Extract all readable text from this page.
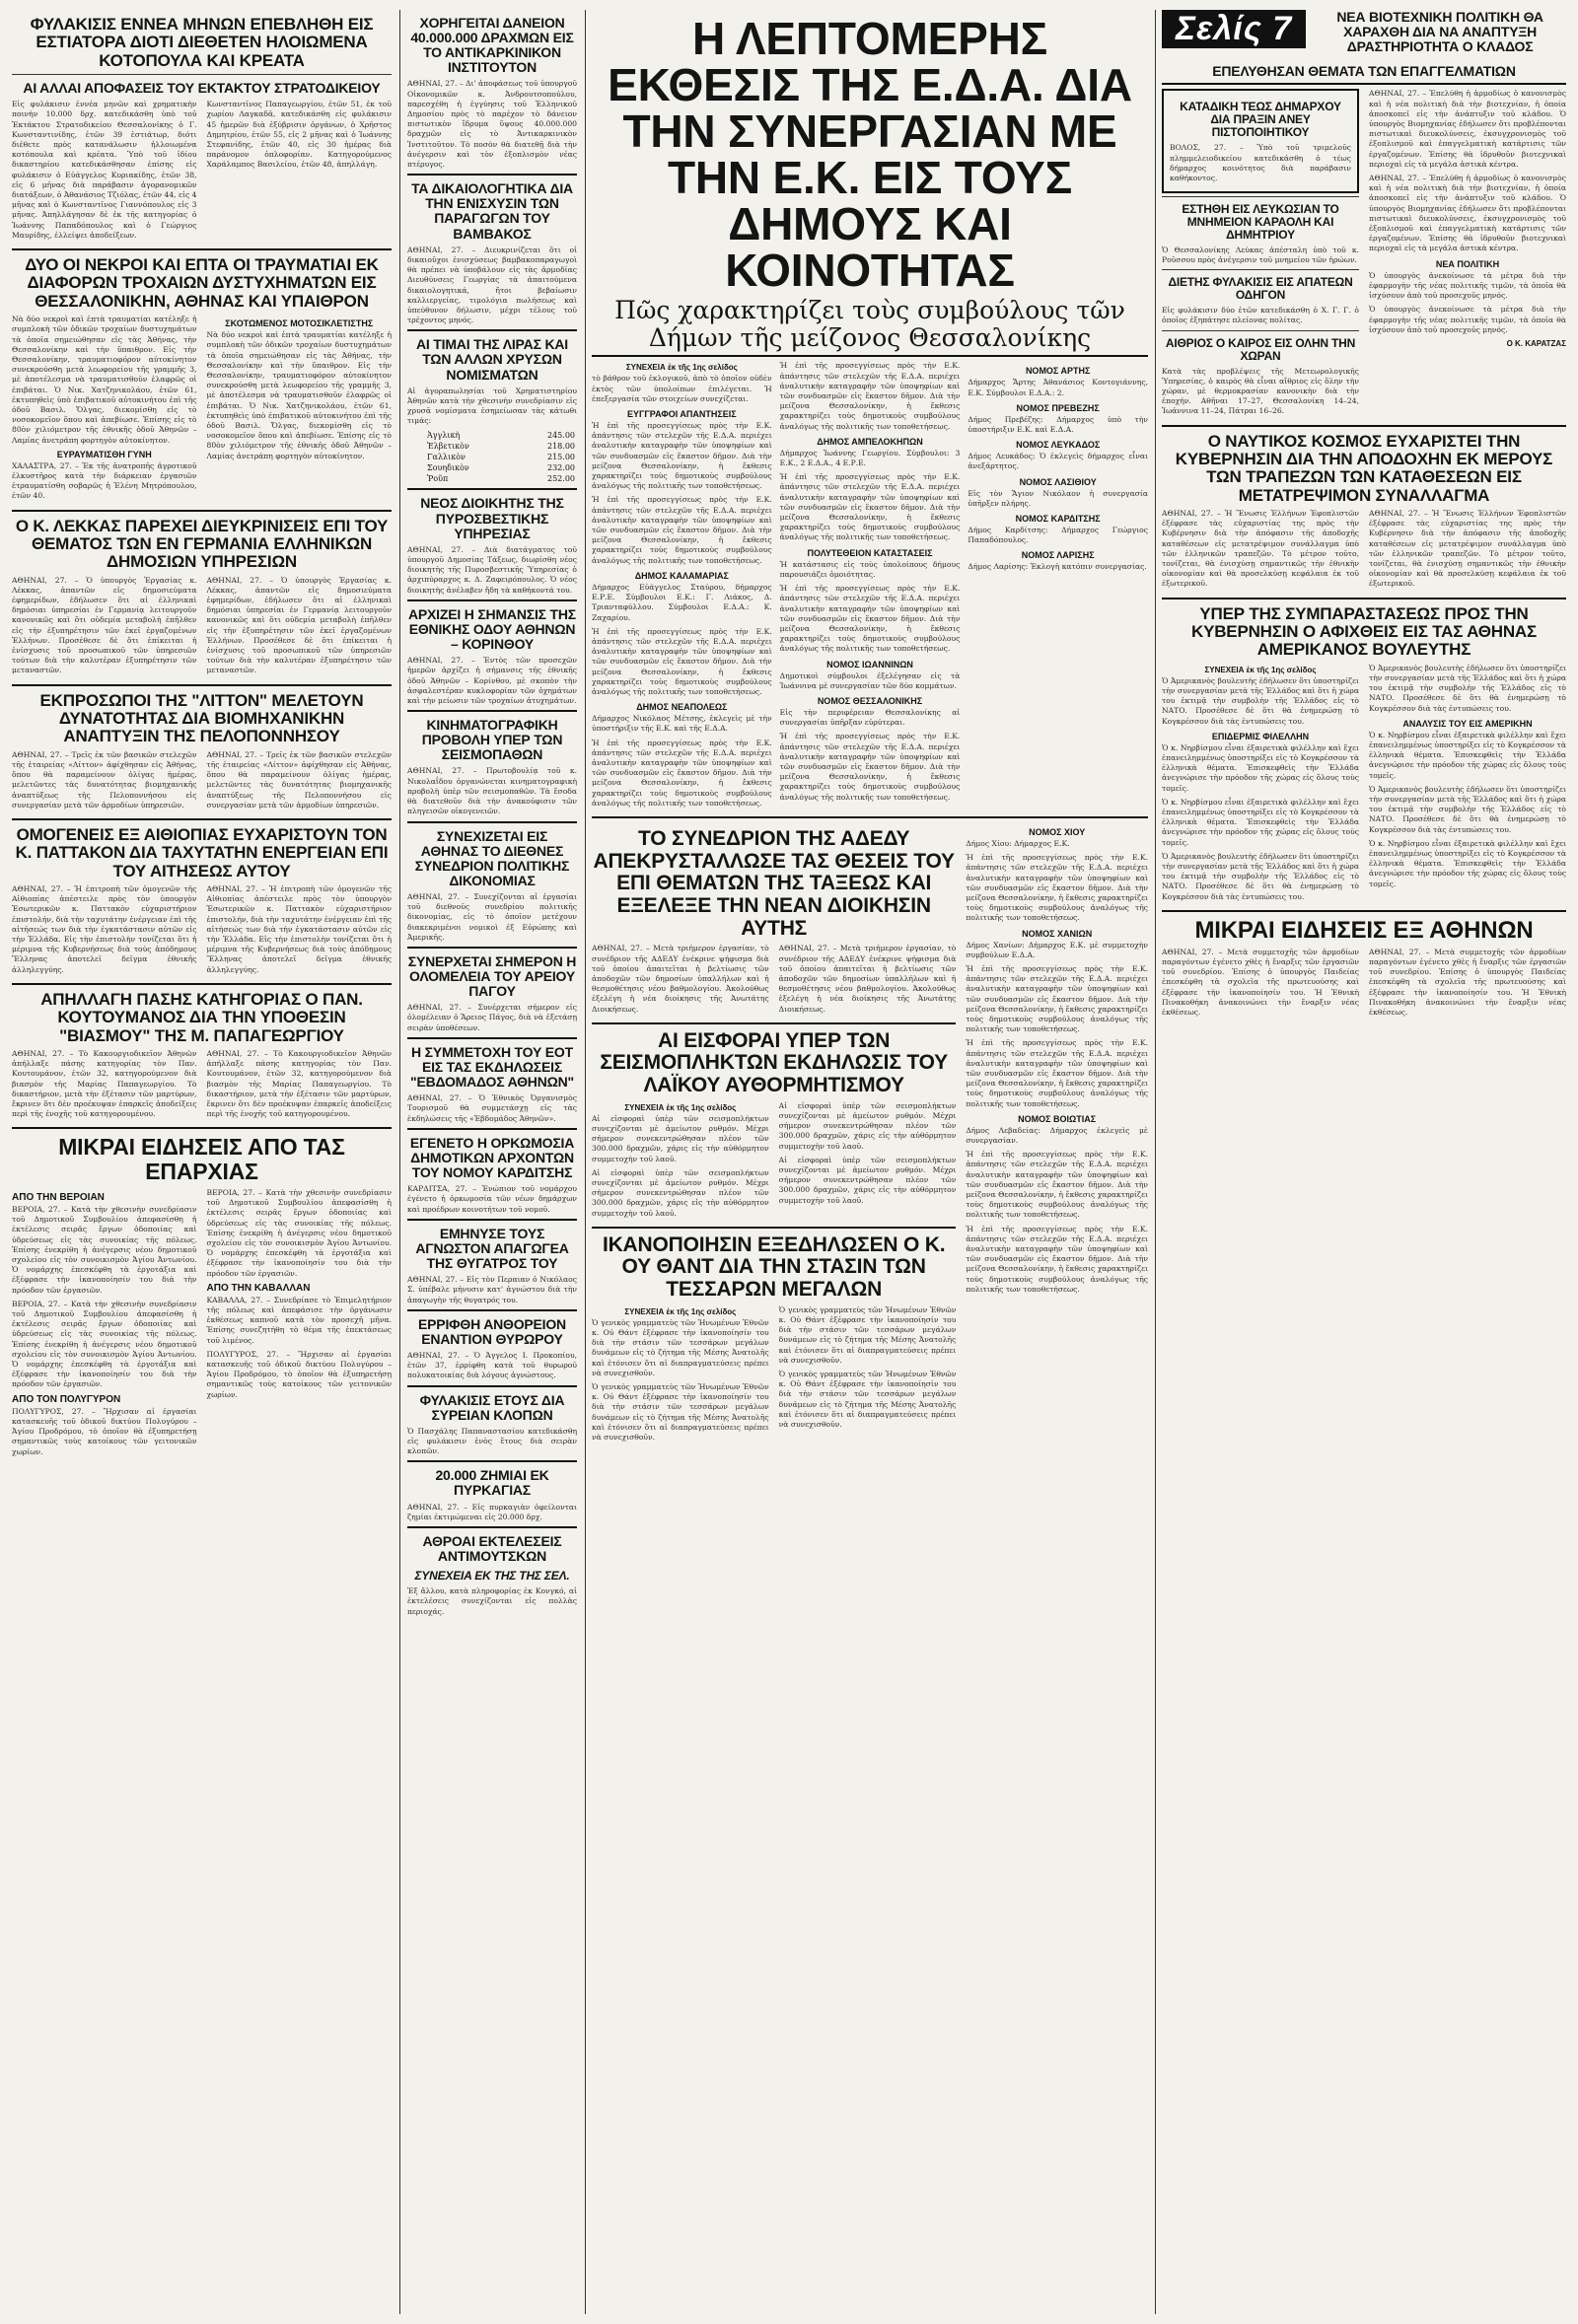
ΦΥΛΑΚΙΣΙΣ ΕΝΝΕΑ ΜΗΝΩΝ ΕΠΕΒΛΗΘΗ ΕΙΣ ΕΣΤΙΑΤΟΡΑ ΔΙΟΤΙ ΔΙΕΘΕΤΕΝ ΗΛΟΙΩΜΕΝΑ ΚΟΤΟΠΟΥΛΑ ΚΑΙ ΚΡΕΑΤΑ
ΑΙ ΑΛΛΑΙ ΑΠΟΦΑΣΕΙΣ ΤΟΥ ΕΚΤΑΚΤΟΥ ΣΤΡΑΤΟΔΙΚΕΙΟΥ

Εἰς φυλάκισιν ἐννέα μηνῶν καὶ χρηματικὴν ποινὴν 10.000 δρχ. κατεδικάσθη ὑπὸ τοῦ Ἐκτάκτου Στρατοδικείου Θεσσαλονίκης ὁ Γ. Κωνσταντινίδης, ἐτῶν 39 ἑστιάτωρ, διότι διέθετε πρὸς κατανάλωσιν ἠλλοιωμένα κοτόπουλα καὶ κρέατα. Ὑπὸ τοῦ ἰδίου δικαστηρίου κατεδικάσθησαν ἐπίσης εἰς φυλάκισιν ὁ Εὐάγγελος Κυριακίδης, ἐτῶν 38, εἰς 6 μῆνας διὰ παράβασιν ἀγορανομικῶν διατάξεων, ὁ Ἀθανάσιος Τζιόλας, ἐτῶν 44, εἰς 4 μῆνας καὶ ὁ Κωνσταντῖνος Γιαννόπουλος εἰς 3 μῆνας. Ἀπηλλάγησαν δὲ ἐκ τῆς κατηγορίας ὁ Ἰωάννης Παπαδόπουλος καὶ ὁ Γεώργιος Μαυρίδης, ἐλλείψει ἀποδείξεων.

Κωνσταντῖνος Παπαγεωργίου, ἐτῶν 51, ἐκ τοῦ χωρίου Λαγκαδᾶ, κατεδικάσθη εἰς φυλάκισιν 45 ἡμερῶν διὰ ἐξύβρισιν ὀργάνων, ὁ Χρῆστος Δημητρίου, ἐτῶν 55, εἰς 2 μῆνας καὶ ὁ Ἰωάννης Στεφανίδης, ἐτῶν 40, εἰς 30 ἡμέρας διὰ παράνομον ὀπλοφορίαν. Κατηγορούμενος Χαράλαμπος Βασιλείου, ἐτῶν 48, ἀπηλλάγη.

ΔΥΟ ΟΙ ΝΕΚΡΟΙ ΚΑΙ ΕΠΤΑ ΟΙ ΤΡΑΥΜΑΤΙΑΙ ΕΚ ΔΙΑΦΟΡΩΝ ΤΡΟΧΑΙΩΝ ΔΥΣΤΥΧΗΜΑΤΩΝ ΕΙΣ ΘΕΣΣΑΛΟΝΙΚΗΝ, ΑΘΗΝΑΣ ΚΑΙ ΥΠΑΙΘΡΟΝ

Νὰ δύο νεκροὶ καὶ ἑπτὰ τραυματίαι κατέληξε ἡ συμπλοκὴ τῶν ὁδικῶν τροχαίων δυστυχημάτων τὰ ὁποῖα σημειώθησαν εἰς τὰς Ἀθήνας, τὴν Θεσσαλονίκην καὶ τὴν ὕπαιθρον. Εἰς τὴν Θεσσαλονίκην, τραυματιοφόρον αὐτοκίνητον συνεκρούσθη μετὰ λεωφορείου τῆς γραμμῆς 3, μὲ ἀποτέλεσμα νὰ τραυματισθοῦν ἐλαφρῶς οἱ ἐπιβάται. Ὁ Νικ. Χατζηνικολάου, ἐτῶν 61, ἐκτυπηθεὶς ὑπὸ ἐπιβατικοῦ αὐτοκινήτου ἐπὶ τῆς ὁδοῦ Βασιλ. Ὄλγας, διεκομίσθη εἰς τὸ νοσοκομεῖον ὅπου καὶ ἀπεβίωσε. Ἐπίσης εἰς τὸ 80ὸν χιλιόμετρον τῆς ἐθνικῆς ὁδοῦ Ἀθηνῶν – Λαμίας ἀνετράπη φορτηγὸν αὐτοκίνητον.

ΕΥΡΑΥΜΑΤΙΣΘΗ ΓΥΝΗ

ΧΑΛΑΣΤΡΑ, 27. – Ἐκ τῆς ἀνατροπῆς ἀγροτικοῦ ἐλκυστῆρος κατὰ τὴν διάρκειαν ἐργασιῶν ἐτραυματίσθη σοβαρῶς ἡ Ἐλένη Μητρόπουλου, ἐτῶν 40.

ΣΚΟΤΩΜΕΝΟΣ ΜΟΤΟΣΙΚΛΕΤΙΣΤΗΣ

Νὰ δύο νεκροὶ καὶ ἑπτὰ τραυματίαι κατέληξε ἡ συμπλοκὴ τῶν ὁδικῶν τροχαίων δυστυχημάτων τὰ ὁποῖα σημειώθησαν εἰς τὰς Ἀθήνας, τὴν Θεσσαλονίκην καὶ τὴν ὕπαιθρον. Εἰς τὴν Θεσσαλονίκην, τραυματιοφόρον αὐτοκίνητον συνεκρούσθη μετὰ λεωφορείου τῆς γραμμῆς 3, μὲ ἀποτέλεσμα νὰ τραυματισθοῦν ἐλαφρῶς οἱ ἐπιβάται. Ὁ Νικ. Χατζηνικολάου, ἐτῶν 61, ἐκτυπηθεὶς ὑπὸ ἐπιβατικοῦ αὐτοκινήτου ἐπὶ τῆς ὁδοῦ Βασιλ. Ὄλγας, διεκομίσθη εἰς τὸ νοσοκομεῖον ὅπου καὶ ἀπεβίωσε. Ἐπίσης εἰς τὸ 80ὸν χιλιόμετρον τῆς ἐθνικῆς ὁδοῦ Ἀθηνῶν – Λαμίας ἀνετράπη φορτηγὸν αὐτοκίνητον.

Ο Κ. ΛΕΚΚΑΣ ΠΑΡΕΧΕΙ ΔΙΕΥΚΡΙΝΙΣΕΙΣ ΕΠΙ ΤΟΥ ΘΕΜΑΤΟΣ ΤΩΝ ΕΝ ΓΕΡΜΑΝΙΑ ΕΛΛΗΝΙΚΩΝ ΔΗΜΟΣΙΩΝ ΥΠΗΡΕΣΙΩΝ

ΑΘΗΝΑΙ, 27. – Ὁ ὑπουργὸς Ἐργασίας κ. Λέκκας, ἀπαντῶν εἰς δημοσιεύματα ἐφημερίδων, ἐδήλωσεν ὅτι αἱ ἐλληνικαὶ δημόσιαι ὑπηρεσίαι ἐν Γερμανίᾳ λειτουργοῦν κανονικῶς καὶ ὅτι οὐδεμία μεταβολὴ ἐπῆλθεν εἰς τὴν ἐξυπηρέτησιν τῶν ἐκεῖ ἐργαζομένων Ἑλλήνων. Προσέθεσε δὲ ὅτι ἐπίκειται ἡ ἐνίσχυσις τοῦ προσωπικοῦ τῶν ὑπηρεσιῶν τούτων διὰ τὴν καλυτέραν ἐξυπηρέτησιν τῶν μεταναστῶν.

ΑΘΗΝΑΙ, 27. – Ὁ ὑπουργὸς Ἐργασίας κ. Λέκκας, ἀπαντῶν εἰς δημοσιεύματα ἐφημερίδων, ἐδήλωσεν ὅτι αἱ ἐλληνικαὶ δημόσιαι ὑπηρεσίαι ἐν Γερμανίᾳ λειτουργοῦν κανονικῶς καὶ ὅτι οὐδεμία μεταβολὴ ἐπῆλθεν εἰς τὴν ἐξυπηρέτησιν τῶν ἐκεῖ ἐργαζομένων Ἑλλήνων. Προσέθεσε δὲ ὅτι ἐπίκειται ἡ ἐνίσχυσις τοῦ προσωπικοῦ τῶν ὑπηρεσιῶν τούτων διὰ τὴν καλυτέραν ἐξυπηρέτησιν τῶν μεταναστῶν.

ΕΚΠΡΟΣΩΠΟΙ ΤΗΣ "ΛΙΤΤΟΝ" ΜΕΛΕΤΟΥΝ ΔΥΝΑΤΟΤΗΤΑΣ ΔΙΑ ΒΙΟΜΗΧΑΝΙΚΗΝ ΑΝΑΠΤΥΞΙΝ ΤΗΣ ΠΕΛΟΠΟΝΝΗΣΟΥ

ΑΘΗΝΑΙ, 27. – Τρεῖς ἐκ τῶν βασικῶν στελεχῶν τῆς ἑταιρείας «Λίττον» ἀφίχθησαν εἰς Ἀθήνας, ὅπου θὰ παραμείνουν ὀλίγας ἡμέρας, μελετῶντες τὰς δυνατότητας βιομηχανικῆς ἀναπτύξεως τῆς Πελοποννήσου εἰς συνεργασίαν μετὰ τῶν ἁρμοδίων ὑπηρεσιῶν.

ΑΘΗΝΑΙ, 27. – Τρεῖς ἐκ τῶν βασικῶν στελεχῶν τῆς ἑταιρείας «Λίττον» ἀφίχθησαν εἰς Ἀθήνας, ὅπου θὰ παραμείνουν ὀλίγας ἡμέρας, μελετῶντες τὰς δυνατότητας βιομηχανικῆς ἀναπτύξεως τῆς Πελοποννήσου εἰς συνεργασίαν μετὰ τῶν ἁρμοδίων ὑπηρεσιῶν.

ΟΜΟΓΕΝΕΙΣ ΕΞ ΑΙΘΙΟΠΙΑΣ ΕΥΧΑΡΙΣΤΟΥΝ ΤΟΝ Κ. ΠΑΤΤΑΚΟΝ ΔΙΑ ΤΑΧΥΤΑΤΗΝ ΕΝΕΡΓΕΙΑΝ ΕΠΙ ΤΟΥ ΑΙΤΗΣΕΩΣ ΑΥΤΟΥ

ΑΘΗΝΑΙ, 27. – Ἡ ἐπιτροπὴ τῶν ὁμογενῶν τῆς Αἰθιοπίας ἀπέστειλε πρὸς τὸν ὑπουργὸν Ἐσωτερικῶν κ. Παττακὸν εὐχαριστήριον ἐπιστολήν, διὰ τὴν ταχυτάτην ἐνέργειαν ἐπὶ τῆς αἰτήσεώς των διὰ τὴν ἐγκατάστασιν αὐτῶν εἰς τὴν Ἑλλάδα. Εἰς τὴν ἐπιστολὴν τονίζεται ὅτι ἡ μέριμνα τῆς Κυβερνήσεως διὰ τοὺς ἀπόδημους Ἕλληνας ἀποτελεῖ δεῖγμα ἐθνικῆς ἀλληλεγγύης.

ΑΘΗΝΑΙ, 27. – Ἡ ἐπιτροπὴ τῶν ὁμογενῶν τῆς Αἰθιοπίας ἀπέστειλε πρὸς τὸν ὑπουργὸν Ἐσωτερικῶν κ. Παττακὸν εὐχαριστήριον ἐπιστολήν, διὰ τὴν ταχυτάτην ἐνέργειαν ἐπὶ τῆς αἰτήσεώς των διὰ τὴν ἐγκατάστασιν αὐτῶν εἰς τὴν Ἑλλάδα. Εἰς τὴν ἐπιστολὴν τονίζεται ὅτι ἡ μέριμνα τῆς Κυβερνήσεως διὰ τοὺς ἀπόδημους Ἕλληνας ἀποτελεῖ δεῖγμα ἐθνικῆς ἀλληλεγγύης.

ΑΠΗΛΛΑΓΗ ΠΑΣΗΣ ΚΑΤΗΓΟΡΙΑΣ Ο ΠΑΝ. ΚΟΥΤΟΥΜΑΝΟΣ ΔΙΑ ΤΗΝ ΥΠΟΘΕΣΙΝ "ΒΙΑΣΜΟΥ" ΤΗΣ Μ. ΠΑΠΑΓΕΩΡΓΙΟΥ

ΑΘΗΝΑΙ, 27. – Τὸ Κακουργιοδικεῖον Ἀθηνῶν ἀπήλλαξε πάσης κατηγορίας τὸν Παν. Κουτουμάνον, ἐτῶν 32, κατηγορούμενον διὰ βιασμὸν τῆς Μαρίας Παπαγεωργίου. Τὸ δικαστήριον, μετὰ τὴν ἐξέτασιν τῶν μαρτύρων, ἔκρινεν ὅτι δὲν προέκυψαν ἐπαρκεῖς ἀποδείξεις περὶ τῆς ἐνοχῆς τοῦ κατηγορουμένου.

ΑΘΗΝΑΙ, 27. – Τὸ Κακουργιοδικεῖον Ἀθηνῶν ἀπήλλαξε πάσης κατηγορίας τὸν Παν. Κουτουμάνον, ἐτῶν 32, κατηγορούμενον διὰ βιασμὸν τῆς Μαρίας Παπαγεωργίου. Τὸ δικαστήριον, μετὰ τὴν ἐξέτασιν τῶν μαρτύρων, ἔκρινεν ὅτι δὲν προέκυψαν ἐπαρκεῖς ἀποδείξεις περὶ τῆς ἐνοχῆς τοῦ κατηγορουμένου.

ΜΙΚΡΑΙ ΕΙΔΗΣΕΙΣ ΑΠΟ ΤΑΣ ΕΠΑΡΧΙΑΣ
ΑΠΟ ΤΗΝ ΒΕΡΟΙΑΝ

ΒΕΡΟΙΑ, 27. – Κατὰ τὴν χθεσινὴν συνεδρίασιν τοῦ Δημοτικοῦ Συμβουλίου ἀπεφασίσθη ἡ ἐκτέλεσις σειρᾶς ἔργων ὁδοποιίας καὶ ὑδρεύσεως εἰς τὰς συνοικίας τῆς πόλεως. Ἐπίσης ἐνεκρίθη ἡ ἀνέγερσις νέου δημοτικοῦ σχολείου εἰς τὸν συνοικισμὸν Ἁγίου Ἀντωνίου. Ὁ νομάρχης ἐπεσκέφθη τὰ ἐργοτάξια καὶ ἐξέφρασε τὴν ἱκανοποίησίν του διὰ τὴν πρόοδον τῶν ἐργασιῶν.

ΒΕΡΟΙΑ, 27. – Κατὰ τὴν χθεσινὴν συνεδρίασιν τοῦ Δημοτικοῦ Συμβουλίου ἀπεφασίσθη ἡ ἐκτέλεσις σειρᾶς ἔργων ὁδοποιίας καὶ ὑδρεύσεως εἰς τὰς συνοικίας τῆς πόλεως. Ἐπίσης ἐνεκρίθη ἡ ἀνέγερσις νέου δημοτικοῦ σχολείου εἰς τὸν συνοικισμὸν Ἁγίου Ἀντωνίου. Ὁ νομάρχης ἐπεσκέφθη τὰ ἐργοτάξια καὶ ἐξέφρασε τὴν ἱκανοποίησίν του διὰ τὴν πρόοδον τῶν ἐργασιῶν.

ΑΠΟ ΤΟΝ ΠΟΛΥΓΥΡΟΝ

ΠΟΛΥΓΥΡΟΣ, 27. – Ἤρχισαν αἱ ἐργασίαι κατασκευῆς τοῦ ὁδικοῦ δικτύου Πολυγύρου – Ἁγίου Προδρόμου, τὸ ὁποῖον θὰ ἐξυπηρετήσῃ σημαντικῶς τοὺς κατοίκους τῶν γειτονικῶν χωρίων.

ΒΕΡΟΙΑ, 27. – Κατὰ τὴν χθεσινὴν συνεδρίασιν τοῦ Δημοτικοῦ Συμβουλίου ἀπεφασίσθη ἡ ἐκτέλεσις σειρᾶς ἔργων ὁδοποιίας καὶ ὑδρεύσεως εἰς τὰς συνοικίας τῆς πόλεως. Ἐπίσης ἐνεκρίθη ἡ ἀνέγερσις νέου δημοτικοῦ σχολείου εἰς τὸν συνοικισμὸν Ἁγίου Ἀντωνίου. Ὁ νομάρχης ἐπεσκέφθη τὰ ἐργοτάξια καὶ ἐξέφρασε τὴν ἱκανοποίησίν του διὰ τὴν πρόοδον τῶν ἐργασιῶν.

ΑΠΟ ΤΗΝ ΚΑΒΑΛΛΑΝ

ΚΑΒΑΛΛΑ, 27. – Συνεδρίασε τὸ Ἐπιμελητήριον τῆς πόλεως καὶ ἀπεφάσισε τὴν ὀργάνωσιν ἐκθέσεως καπνοῦ κατὰ τὸν προσεχῆ μῆνα. Ἐπίσης συνεζητήθη τὸ θέμα τῆς ἐπεκτάσεως τοῦ λιμένος.

ΠΟΛΥΓΥΡΟΣ, 27. – Ἤρχισαν αἱ ἐργασίαι κατασκευῆς τοῦ ὁδικοῦ δικτύου Πολυγύρου – Ἁγίου Προδρόμου, τὸ ὁποῖον θὰ ἐξυπηρετήσῃ σημαντικῶς τοὺς κατοίκους τῶν γειτονικῶν χωρίων.

ΧΟΡΗΓΕΙΤΑΙ ΔΑΝΕΙΟΝ 40.000.000 ΔΡΑΧΜΩΝ ΕΙΣ ΤΟ ΑΝΤΙΚΑΡΚΙΝΙΚΟΝ ΙΝΣΤΙΤΟΥΤΟΝ

ΑΘΗΝΑΙ, 27. – Δι' ἀποφάσεως τοῦ ὑπουργοῦ Οἰκονομικῶν κ. Ἀνδρουτσοπούλου, παρεσχέθη ἡ ἐγγύησις τοῦ Ἑλληνικοῦ Δημοσίου πρὸς τὸ παρέχον τὸ δάνειον πιστωτικὸν ἵδρυμα ὕψους 40.000.000 δραχμῶν εἰς τὸ Ἀντικαρκινικὸν Ἰνστιτοῦτον. Τὸ ποσὸν θὰ διατεθῇ διὰ τὴν ἀνέγερσιν καὶ τὸν ἐξοπλισμὸν νέας πτέρυγος.

ΤΑ ΔΙΚΑΙΟΛΟΓΗΤΙΚΑ ΔΙΑ ΤΗΝ ΕΝΙΣΧΥΣΙΝ ΤΩΝ ΠΑΡΑΓΩΓΩΝ ΤΟΥ ΒΑΜΒΑΚΟΣ

ΑΘΗΝΑΙ, 27. – Διευκρινίζεται ὅτι οἱ δικαιοῦχοι ἐνισχύσεως βαμβακοπαραγωγοὶ θὰ πρέπει νὰ ὑποβάλουν εἰς τὰς ἁρμοδίας Διευθύνσεις Γεωργίας τὰ ἀπαιτούμενα δικαιολογητικά, ἤτοι βεβαίωσιν καλλιεργείας, τιμολόγια πωλήσεως καὶ ὑπεύθυνον δήλωσιν, μέχρι τέλους τοῦ τρέχοντος μηνός.

ΑΙ ΤΙΜΑΙ ΤΗΣ ΛΙΡΑΣ ΚΑΙ ΤΩΝ ΑΛΛΩΝ ΧΡΥΣΩΝ ΝΟΜΙΣΜΑΤΩΝ

Αἱ ἀγοραπωλησίαι τοῦ Χρηματιστηρίου Ἀθηνῶν κατὰ τὴν χθεσινὴν συνεδρίασιν εἰς χρυσᾶ νομίσματα ἐσημείωσαν τὰς κάτωθι τιμάς:

Ἀγγλικὴ	245.00
Ἑλβετικὸν	218.00
Γαλλικὸν	215.00
Σουηδικὸν	232.00
Ῥοῦπ	252.00
ΝΕΟΣ ΔΙΟΙΚΗΤΗΣ ΤΗΣ ΠΥΡΟΣΒΕΣΤΙΚΗΣ ΥΠΗΡΕΣΙΑΣ

ΑΘΗΝΑΙ, 27. – Διὰ διατάγματος τοῦ ὑπουργοῦ Δημοσίας Τάξεως, διωρίσθη νέος διοικητὴς τῆς Πυροσβεστικῆς Ὑπηρεσίας ὁ ἀρχιπύραρχος κ. Δ. Ζαφειρόπουλος. Ὁ νέος διοικητὴς ἀνέλαβεν ἤδη τὰ καθήκοντά του.

ΑΡΧΙΖΕΙ Η ΣΗΜΑΝΣΙΣ ΤΗΣ ΕΘΝΙΚΗΣ ΟΔΟΥ ΑΘΗΝΩΝ – ΚΟΡΙΝΘΟΥ

ΑΘΗΝΑΙ, 27. – Ἐντὸς τῶν προσεχῶν ἡμερῶν ἀρχίζει ἡ σήμανσις τῆς ἐθνικῆς ὁδοῦ Ἀθηνῶν – Κορίνθου, μὲ σκοπὸν τὴν ἀσφαλεστέραν κυκλοφορίαν τῶν ὀχημάτων καὶ τὴν μείωσιν τῶν τροχαίων ἀτυχημάτων.

ΚΙΝΗΜΑΤΟΓΡΑΦΙΚΗ ΠΡΟΒΟΛΗ ΥΠΕΡ ΤΩΝ ΣΕΙΣΜΟΠΑΘΩΝ

ΑΘΗΝΑΙ, 27. – Πρωτοβουλίᾳ τοῦ κ. Νικολαΐδου ὀργανώνεται κινηματογραφικὴ προβολὴ ὑπὲρ τῶν σεισμοπαθῶν. Τὰ ἔσοδα θὰ διατεθοῦν διὰ τὴν ἀνακούφισιν τῶν πληγεισῶν οἰκογενειῶν.

ΣΥΝΕΧΙΖΕΤΑΙ ΕΙΣ ΑΘΗΝΑΣ ΤΟ ΔΙΕΘΝΕΣ ΣΥΝΕΔΡΙΟΝ ΠΟΛΙΤΙΚΗΣ ΔΙΚΟΝΟΜΙΑΣ

ΑΘΗΝΑΙ, 27. – Συνεχίζονται αἱ ἐργασίαι τοῦ διεθνοῦς συνεδρίου πολιτικῆς δικονομίας, εἰς τὸ ὁποῖον μετέχουν διακεκριμένοι νομικοὶ ἐξ Εὐρώπης καὶ Ἀμερικῆς.

ΣΥΝΕΡΧΕΤΑΙ ΣΗΜΕΡΟΝ Η ΟΛΟΜΕΛΕΙΑ ΤΟΥ ΑΡΕΙΟΥ ΠΑΓΟΥ

ΑΘΗΝΑΙ, 27. – Συνέρχεται σήμερον εἰς ὁλομέλειαν ὁ Ἄρειος Πάγος, διὰ νὰ ἐξετάσῃ σειρὰν ὑποθέσεων.

Η ΣΥΜΜΕΤΟΧΗ ΤΟΥ ΕΟΤ ΕΙΣ ΤΑΣ ΕΚΔΗΛΩΣΕΙΣ "ΕΒΔΟΜΑΔΟΣ ΑΘΗΝΩΝ"

ΑΘΗΝΑΙ, 27. – Ὁ Ἐθνικὸς Ὀργανισμὸς Τουρισμοῦ θὰ συμμετάσχῃ εἰς τὰς ἐκδηλώσεις τῆς «Ἑβδομάδος Ἀθηνῶν».

ΕΓΕΝΕΤΟ Η ΟΡΚΩΜΟΣΙΑ ΔΗΜΟΤΙΚΩΝ ΑΡΧΟΝΤΩΝ ΤΟΥ ΝΟΜΟΥ ΚΑΡΔΙΤΣΗΣ

ΚΑΡΔΙΤΣΑ, 27. – Ἐνώπιον τοῦ νομάρχου ἐγένετο ἡ ὁρκωμοσία τῶν νέων δημάρχων καὶ προέδρων κοινοτήτων τοῦ νομοῦ.

ΕΜΗΝΥΣΕ ΤΟΥΣ ΑΓΝΩΣΤΟΝ ΑΠΑΓΩΓΕΑ ΤΗΣ ΘΥΓΑΤΡΟΣ ΤΟΥ

ΑΘΗΝΑΙ, 27. – Εἰς τὸν Περαιαν ὁ Νικόλαος Σ. ὑπέβαλε μήνυσιν κατ' ἀγνώστου διὰ τὴν ἀπαγωγὴν τῆς θυγατρός του.

ΕΡΡΙΦΘΗ ΑΝΘΟΡΕΙΟΝ ΕΝΑΝΤΙΟΝ ΘΥΡΩΡΟΥ

ΑΘΗΝΑΙ, 27. – Ὁ Ἀγγελος Ι. Προκοπίου, ἐτῶν 37, ἐρρίφθη κατὰ τοῦ θυρωροῦ πολυκατοικίας διὰ λόγους ἀγνώστους.

ΦΥΛΑΚΙΣΙΣ ΕΤΟΥΣ ΔΙΑ ΣΥΡΕΙΑΝ ΚΛΟΠΩΝ

Ὁ Πασχάλης Παπαναστασίου κατεδικάσθη εἰς φυλάκισιν ἑνὸς ἔτους διὰ σειρὰν κλοπῶν.

20.000 ΖΗΜΙΑΙ ΕΚ ΠΥΡΚΑΓΙΑΣ

ΑΘΗΝΑΙ, 27. – Εἰς πυρκαγιὰν ὀφείλονται ζημίαι ἐκτιμώμεναι εἰς 20.000 δρχ.

ΑΘΡΟΑΙ ΕΚΤΕΛΕΣΕΙΣ ΑΝΤΙΜΟΥΤΣΚΩΝ
ΣΥΝΕΧΕΙΑ ΕΚ ΤΗΣ ΤΗΣ ΣΕΛ.

Ἐξ ἄλλου, κατὰ πληροφορίας ἐκ Κονγκό, αἱ ἐκτελέσεις συνεχίζονται εἰς πολλὰς περιοχάς.

Η ΛΕΠΤΟΜΕΡΗΣ ΕΚΘΕΣΙΣ ΤΗΣ Ε.Δ.Α. ΔΙΑ ΤΗΝ ΣΥΝΕΡΓΑΣΙΑΝ ΜΕ ΤΗΝ Ε.Κ. ΕΙΣ ΤΟΥΣ ΔΗΜΟΥΣ ΚΑΙ ΚΟΙΝΟΤΗΤΑΣ
Πῶς χαρακτηρίζει τοὺς συμβούλους τῶν Δήμων τῆς μείζονος Θεσσαλονίκης
ΣΥΝΕΧΕΙΑ ἐκ τῆς 1ης σελίδος

τὸ βάθρον τοῦ ἐκλογικοῦ, ἀπὸ τὸ ὁποῖον οὐδὲν ἐκτὸς τῶν ὑπολοίπων ἐπιλέγεται. Ἡ ἐπεξεργασία τῶν στοιχείων συνεχίζεται.

ΕΥΓΓΡΑΦΟΙ ΑΠΑΝΤΗΣΕΙΣ

Ἡ ἐπὶ τῆς προσεγγίσεως πρὸς τὴν Ε.Κ. ἀπάντησις τῶν στελεχῶν τῆς Ε.Δ.Α. περιέχει ἀναλυτικὴν καταγραφὴν τῶν ὑποψηφίων καὶ τῶν συνδυασμῶν εἰς ἕκαστον δῆμον. Διὰ τὴν μείζονα Θεσσαλονίκην, ἡ ἔκθεσις χαρακτηρίζει τοὺς δημοτικοὺς συμβούλους ἀναλόγως τῆς πολιτικῆς των τοποθετήσεως.

Ἡ ἐπὶ τῆς προσεγγίσεως πρὸς τὴν Ε.Κ. ἀπάντησις τῶν στελεχῶν τῆς Ε.Δ.Α. περιέχει ἀναλυτικὴν καταγραφὴν τῶν ὑποψηφίων καὶ τῶν συνδυασμῶν εἰς ἕκαστον δῆμον. Διὰ τὴν μείζονα Θεσσαλονίκην, ἡ ἔκθεσις χαρακτηρίζει τοὺς δημοτικοὺς συμβούλους ἀναλόγως τῆς πολιτικῆς των τοποθετήσεως.

ΔΗΜΟΣ ΚΑΛΑΜΑΡΙΑΣ

Δήμαρχος Εὐάγγελος Σταύρου, δήμαρχος Ε.Ρ.Ε. Σύμβουλοι Ε.Κ.: Γ. Λιάκος, Δ. Τριανταφύλλου. Σύμβουλοι Ε.Δ.Α.: Κ. Ζαχαρίου.

Ἡ ἐπὶ τῆς προσεγγίσεως πρὸς τὴν Ε.Κ. ἀπάντησις τῶν στελεχῶν τῆς Ε.Δ.Α. περιέχει ἀναλυτικὴν καταγραφὴν τῶν ὑποψηφίων καὶ τῶν συνδυασμῶν εἰς ἕκαστον δῆμον. Διὰ τὴν μείζονα Θεσσαλονίκην, ἡ ἔκθεσις χαρακτηρίζει τοὺς δημοτικοὺς συμβούλους ἀναλόγως τῆς πολιτικῆς των τοποθετήσεως.

ΔΗΜΟΣ ΝΕΑΠΟΛΕΩΣ

Δήμαρχος Νικόλαος Μέτσης, ἐκλεγεὶς μὲ τὴν ὑποστήριξιν τῆς Ε.Κ. καὶ τῆς Ε.Δ.Α.

Ἡ ἐπὶ τῆς προσεγγίσεως πρὸς τὴν Ε.Κ. ἀπάντησις τῶν στελεχῶν τῆς Ε.Δ.Α. περιέχει ἀναλυτικὴν καταγραφὴν τῶν ὑποψηφίων καὶ τῶν συνδυασμῶν εἰς ἕκαστον δῆμον. Διὰ τὴν μείζονα Θεσσαλονίκην, ἡ ἔκθεσις χαρακτηρίζει τοὺς δημοτικοὺς συμβούλους ἀναλόγως τῆς πολιτικῆς των τοποθετήσεως.

Ἡ ἐπὶ τῆς προσεγγίσεως πρὸς τὴν Ε.Κ. ἀπάντησις τῶν στελεχῶν τῆς Ε.Δ.Α. περιέχει ἀναλυτικὴν καταγραφὴν τῶν ὑποψηφίων καὶ τῶν συνδυασμῶν εἰς ἕκαστον δῆμον. Διὰ τὴν μείζονα Θεσσαλονίκην, ἡ ἔκθεσις χαρακτηρίζει τοὺς δημοτικοὺς συμβούλους ἀναλόγως τῆς πολιτικῆς των τοποθετήσεως.

ΔΗΜΟΣ ΑΜΠΕΛΟΚΗΠΩΝ

Δήμαρχος Ἰωάννης Γεωργίου. Σύμβουλοι: 3 Ε.Κ., 2 Ε.Δ.Α., 4 Ε.Ρ.Ε.

Ἡ ἐπὶ τῆς προσεγγίσεως πρὸς τὴν Ε.Κ. ἀπάντησις τῶν στελεχῶν τῆς Ε.Δ.Α. περιέχει ἀναλυτικὴν καταγραφὴν τῶν ὑποψηφίων καὶ τῶν συνδυασμῶν εἰς ἕκαστον δῆμον. Διὰ τὴν μείζονα Θεσσαλονίκην, ἡ ἔκθεσις χαρακτηρίζει τοὺς δημοτικοὺς συμβούλους ἀναλόγως τῆς πολιτικῆς των τοποθετήσεως.

ΠΟΛΥΤΕΘΕΙΟΝ ΚΑΤΑΣΤΑΣΕΙΣ

Ἡ κατάστασις εἰς τοὺς ὑπολοίπους δήμους παρουσιάζει ὁμοιότητας.

Ἡ ἐπὶ τῆς προσεγγίσεως πρὸς τὴν Ε.Κ. ἀπάντησις τῶν στελεχῶν τῆς Ε.Δ.Α. περιέχει ἀναλυτικὴν καταγραφὴν τῶν ὑποψηφίων καὶ τῶν συνδυασμῶν εἰς ἕκαστον δῆμον. Διὰ τὴν μείζονα Θεσσαλονίκην, ἡ ἔκθεσις χαρακτηρίζει τοὺς δημοτικοὺς συμβούλους ἀναλόγως τῆς πολιτικῆς των τοποθετήσεως.

ΝΟΜΟΣ ΙΩΑΝΝΙΝΩΝ

Δημοτικοὶ σύμβουλοι ἐξελέγησαν εἰς τὰ Ἰωάννινα μὲ συνεργασίαν τῶν δύο κομμάτων.

ΝΟΜΟΣ ΘΕΣΣΑΛΟΝΙΚΗΣ

Εἰς τὴν περιφέρειαν Θεσσαλονίκης αἱ συνεργασίαι ὑπῆρξαν εὐρύτεραι.

Ἡ ἐπὶ τῆς προσεγγίσεως πρὸς τὴν Ε.Κ. ἀπάντησις τῶν στελεχῶν τῆς Ε.Δ.Α. περιέχει ἀναλυτικὴν καταγραφὴν τῶν ὑποψηφίων καὶ τῶν συνδυασμῶν εἰς ἕκαστον δῆμον. Διὰ τὴν μείζονα Θεσσαλονίκην, ἡ ἔκθεσις χαρακτηρίζει τοὺς δημοτικοὺς συμβούλους ἀναλόγως τῆς πολιτικῆς των τοποθετήσεως.

ΝΟΜΟΣ ΑΡΤΗΣ

Δήμαρχος Ἄρτης Ἀθανάσιος Κοντογιάννης, Ε.Κ. Σύμβουλοι Ε.Δ.Α.: 2.

ΝΟΜΟΣ ΠΡΕΒΕΖΗΣ

Δήμος Πρεβέζης: Δήμαρχος ὑπὸ τὴν ὑποστήριξιν Ε.Κ. καὶ Ε.Δ.Α.

ΝΟΜΟΣ ΛΕΥΚΑΔΟΣ

Δήμος Λευκάδος: Ὁ ἐκλεγεὶς δήμαρχος εἶναι ἀνεξάρτητος.

ΝΟΜΟΣ ΛΑΣΙΘΙΟΥ

Εἰς τὸν Ἅγιον Νικόλαον ἡ συνεργασία ὑπῆρξεν πλήρης.

ΝΟΜΟΣ ΚΑΡΔΙΤΣΗΣ

Δήμος Καρδίτσης: Δήμαρχος Γεώργιος Παπαδόπουλος.

ΝΟΜΟΣ ΛΑΡΙΣΗΣ

Δήμος Λαρίσης: Ἐκλογὴ κατόπιν συνεργασίας.

ΤΟ ΣΥΝΕΔΡΙΟΝ ΤΗΣ ΑΔΕΔΥ ΑΠΕΚΡΥΣΤΑΛΛΩΣΕ ΤΑΣ ΘΕΣΕΙΣ ΤΟΥ ΕΠΙ ΘΕΜΑΤΩΝ ΤΗΣ ΤΑΞΕΩΣ ΚΑΙ ΕΞΕΛΕΞΕ ΤΗΝ ΝΕΑΝ ΔΙΟΙΚΗΣΙΝ ΑΥΤΗΣ

ΑΘΗΝΑΙ, 27. – Μετὰ τριήμερον ἐργασίαν, τὸ συνέδριον τῆς ΑΔΕΔΥ ἐνέκρινε ψήφισμα διὰ τοῦ ὁποίου ἀπαιτεῖται ἡ βελτίωσις τῶν ἀποδοχῶν τῶν δημοσίων ὑπαλλήλων καὶ ἡ θεσμοθέτησις νέου βαθμολογίου. Ἀκολούθως ἐξελέγη ἡ νέα διοίκησις τῆς Ἀνωτάτης Διοικήσεως.

ΑΘΗΝΑΙ, 27. – Μετὰ τριήμερον ἐργασίαν, τὸ συνέδριον τῆς ΑΔΕΔΥ ἐνέκρινε ψήφισμα διὰ τοῦ ὁποίου ἀπαιτεῖται ἡ βελτίωσις τῶν ἀποδοχῶν τῶν δημοσίων ὑπαλλήλων καὶ ἡ θεσμοθέτησις νέου βαθμολογίου. Ἀκολούθως ἐξελέγη ἡ νέα διοίκησις τῆς Ἀνωτάτης Διοικήσεως.

ΑΙ ΕΙΣΦΟΡΑΙ ΥΠΕΡ ΤΩΝ ΣΕΙΣΜΟΠΛΗΚΤΩΝ ΕΚΔΗΛΩΣΙΣ ΤΟΥ ΛΑΪΚΟΥ ΑΥΘΟΡΜΗΤΙΣΜΟΥ
ΣΥΝΕΧΕΙΑ ἐκ τῆς 1ης σελίδος

Αἱ εἰσφοραὶ ὑπὲρ τῶν σεισμοπλήκτων συνεχίζονται μὲ ἀμείωτον ρυθμόν. Μέχρι σήμερον συνεκεντρώθησαν πλέον τῶν 300.000 δραχμῶν, χάρις εἰς τὴν αὐθόρμητον συμμετοχὴν τοῦ λαοῦ.

Αἱ εἰσφοραὶ ὑπὲρ τῶν σεισμοπλήκτων συνεχίζονται μὲ ἀμείωτον ρυθμόν. Μέχρι σήμερον συνεκεντρώθησαν πλέον τῶν 300.000 δραχμῶν, χάρις εἰς τὴν αὐθόρμητον συμμετοχὴν τοῦ λαοῦ.

Αἱ εἰσφοραὶ ὑπὲρ τῶν σεισμοπλήκτων συνεχίζονται μὲ ἀμείωτον ρυθμόν. Μέχρι σήμερον συνεκεντρώθησαν πλέον τῶν 300.000 δραχμῶν, χάρις εἰς τὴν αὐθόρμητον συμμετοχὴν τοῦ λαοῦ.

Αἱ εἰσφοραὶ ὑπὲρ τῶν σεισμοπλήκτων συνεχίζονται μὲ ἀμείωτον ρυθμόν. Μέχρι σήμερον συνεκεντρώθησαν πλέον τῶν 300.000 δραχμῶν, χάρις εἰς τὴν αὐθόρμητον συμμετοχὴν τοῦ λαοῦ.

ΙΚΑΝΟΠΟΙΗΣΙΝ ΕΞΕΔΗΛΩΣΕΝ Ο Κ. ΟΥ ΘΑΝΤ ΔΙΑ ΤΗΝ ΣΤΑΣΙΝ ΤΩΝ ΤΕΣΣΑΡΩΝ ΜΕΓΑΛΩΝ
ΣΥΝΕΧΕΙΑ ἐκ τῆς 1ης σελίδος

Ὁ γενικὸς γραμματεὺς τῶν Ἡνωμένων Ἐθνῶν κ. Οὐ Θάντ ἐξέφρασε τὴν ἱκανοποίησίν του διὰ τὴν στάσιν τῶν τεσσάρων μεγάλων δυνάμεων εἰς τὸ ζήτημα τῆς Μέσης Ἀνατολῆς καὶ ἐτόνισεν ὅτι αἱ διαπραγματεύσεις πρέπει νὰ συνεχισθοῦν.

Ὁ γενικὸς γραμματεὺς τῶν Ἡνωμένων Ἐθνῶν κ. Οὐ Θάντ ἐξέφρασε τὴν ἱκανοποίησίν του διὰ τὴν στάσιν τῶν τεσσάρων μεγάλων δυνάμεων εἰς τὸ ζήτημα τῆς Μέσης Ἀνατολῆς καὶ ἐτόνισεν ὅτι αἱ διαπραγματεύσεις πρέπει νὰ συνεχισθοῦν.

Ὁ γενικὸς γραμματεὺς τῶν Ἡνωμένων Ἐθνῶν κ. Οὐ Θάντ ἐξέφρασε τὴν ἱκανοποίησίν του διὰ τὴν στάσιν τῶν τεσσάρων μεγάλων δυνάμεων εἰς τὸ ζήτημα τῆς Μέσης Ἀνατολῆς καὶ ἐτόνισεν ὅτι αἱ διαπραγματεύσεις πρέπει νὰ συνεχισθοῦν.

Ὁ γενικὸς γραμματεὺς τῶν Ἡνωμένων Ἐθνῶν κ. Οὐ Θάντ ἐξέφρασε τὴν ἱκανοποίησίν του διὰ τὴν στάσιν τῶν τεσσάρων μεγάλων δυνάμεων εἰς τὸ ζήτημα τῆς Μέσης Ἀνατολῆς καὶ ἐτόνισεν ὅτι αἱ διαπραγματεύσεις πρέπει νὰ συνεχισθοῦν.

ΝΟΜΟΣ ΧΙΟΥ

Δήμος Χίου: Δήμαρχος Ε.Κ.

Ἡ ἐπὶ τῆς προσεγγίσεως πρὸς τὴν Ε.Κ. ἀπάντησις τῶν στελεχῶν τῆς Ε.Δ.Α. περιέχει ἀναλυτικὴν καταγραφὴν τῶν ὑποψηφίων καὶ τῶν συνδυασμῶν εἰς ἕκαστον δῆμον. Διὰ τὴν μείζονα Θεσσαλονίκην, ἡ ἔκθεσις χαρακτηρίζει τοὺς δημοτικοὺς συμβούλους ἀναλόγως τῆς πολιτικῆς των τοποθετήσεως.

ΝΟΜΟΣ ΧΑΝΙΩΝ

Δήμος Χανίων: Δήμαρχος Ε.Κ. μὲ συμμετοχὴν συμβούλων Ε.Δ.Α.

Ἡ ἐπὶ τῆς προσεγγίσεως πρὸς τὴν Ε.Κ. ἀπάντησις τῶν στελεχῶν τῆς Ε.Δ.Α. περιέχει ἀναλυτικὴν καταγραφὴν τῶν ὑποψηφίων καὶ τῶν συνδυασμῶν εἰς ἕκαστον δῆμον. Διὰ τὴν μείζονα Θεσσαλονίκην, ἡ ἔκθεσις χαρακτηρίζει τοὺς δημοτικοὺς συμβούλους ἀναλόγως τῆς πολιτικῆς των τοποθετήσεως.

Ἡ ἐπὶ τῆς προσεγγίσεως πρὸς τὴν Ε.Κ. ἀπάντησις τῶν στελεχῶν τῆς Ε.Δ.Α. περιέχει ἀναλυτικὴν καταγραφὴν τῶν ὑποψηφίων καὶ τῶν συνδυασμῶν εἰς ἕκαστον δῆμον. Διὰ τὴν μείζονα Θεσσαλονίκην, ἡ ἔκθεσις χαρακτηρίζει τοὺς δημοτικοὺς συμβούλους ἀναλόγως τῆς πολιτικῆς των τοποθετήσεως.

ΝΟΜΟΣ ΒΟΙΩΤΙΑΣ

Δήμος Λεβαδείας: Δήμαρχος ἐκλεγεὶς μὲ συνεργασίαν.

Ἡ ἐπὶ τῆς προσεγγίσεως πρὸς τὴν Ε.Κ. ἀπάντησις τῶν στελεχῶν τῆς Ε.Δ.Α. περιέχει ἀναλυτικὴν καταγραφὴν τῶν ὑποψηφίων καὶ τῶν συνδυασμῶν εἰς ἕκαστον δῆμον. Διὰ τὴν μείζονα Θεσσαλονίκην, ἡ ἔκθεσις χαρακτηρίζει τοὺς δημοτικοὺς συμβούλους ἀναλόγως τῆς πολιτικῆς των τοποθετήσεως.

Ἡ ἐπὶ τῆς προσεγγίσεως πρὸς τὴν Ε.Κ. ἀπάντησις τῶν στελεχῶν τῆς Ε.Δ.Α. περιέχει ἀναλυτικὴν καταγραφὴν τῶν ὑποψηφίων καὶ τῶν συνδυασμῶν εἰς ἕκαστον δῆμον. Διὰ τὴν μείζονα Θεσσαλονίκην, ἡ ἔκθεσις χαρακτηρίζει τοὺς δημοτικοὺς συμβούλους ἀναλόγως τῆς πολιτικῆς των τοποθετήσεως.

Σελίς 7	ΝΕΑ ΒΙΟΤΕΧΝΙΚΗ ΠΟΛΙΤΙΚΗ ΘΑ ΧΑΡΑΧΘΗ ΔΙΑ ΝΑ ΑΝΑΠΤΥΞΗ ΔΡΑΣΤΗΡΙΟΤΗΤΑ Ο ΚΛΑΔΟΣ
ΕΠΕΛΥΘΗΣΑΝ ΘΕΜΑΤΑ ΤΩΝ ΕΠΑΓΓΕΛΜΑΤΙΩΝ
ΚΑΤΑΔΙΚΗ ΤΕΩΣ ΔΗΜΑΡΧΟΥ ΔΙΑ ΠΡΑΞΙΝ ΑΝΕΥ ΠΙΣΤΟΠΟΙΗΤΙΚΟΥ

ΒΟΛΟΣ, 27. – Ὑπὸ τοῦ τριμελοῦς πλημμελειοδικείου κατεδικάσθη ὁ τέως δήμαρχος κοινότητος διὰ παράβασιν καθήκοντος.

ΕΣΤΗΘΗ ΕΙΣ ΛΕΥΚΩΣΙΑΝ ΤΟ ΜΝΗΜΕΙΟΝ ΚΑΡΑΟΛΗ ΚΑΙ ΔΗΜΗΤΡΙΟΥ

Ὁ Θεσσαλονίκης Λεύκας ἀπέσταλη ὑπὸ τοῦ κ. Ροῦσσου πρὸς ἀνέγερσιν τοῦ μνημείου τῶν ἡρώων.

ΔΙΕΤΗΣ ΦΥΛΑΚΙΣΙΣ ΕΙΣ ΑΠΑΤΕΩΝ ΟΔΗΓΟΝ

Εἰς φυλάκισιν δύο ἐτῶν κατεδικάσθη ὁ Χ. Γ. Γ. ὁ ὁποῖος ἐξηπάτησε πλείονας πολίτας.

ΑΙΘΡΙΟΣ Ο ΚΑΙΡΟΣ ΕΙΣ ΟΛΗΝ ΤΗΝ ΧΩΡΑΝ

Κατὰ τὰς προβλέψεις τῆς Μετεωρολογικῆς Ὑπηρεσίας, ὁ καιρὸς θὰ εἶναι αἴθριος εἰς ὅλην τὴν χώραν, μὲ θερμοκρασίαν κανονικὴν διὰ τὴν ἐποχήν. Αθῆναι 17–27, Θεσσαλονίκη 14–24, Ἰωάννινα 11–24, Πάτραι 16–26.

ΑΘΗΝΑΙ, 27. – Ἐπελύθη ἡ ἀρμοδίως ὁ κανονισμὸς καὶ ἡ νέα πολιτικὴ διὰ τὴν βιοτεχνίαν, ἡ ὁποία ἀποσκοπεῖ εἰς τὴν ἀνάπτυξιν τοῦ κλάδου. Ὁ ὑπουργὸς Βιομηχανίας ἐδήλωσεν ὅτι προβλέπονται πιστωτικαὶ διευκολύνσεις, ἐκσυγχρονισμὸς τοῦ ἐξοπλισμοῦ καὶ ἐπαγγελματικὴ κατάρτισις τῶν ἐργαζομένων. Ἐπίσης θὰ ἱδρυθοῦν βιοτεχνικαὶ περιοχαὶ εἰς τὰ μεγάλα ἀστικὰ κέντρα.

ΑΘΗΝΑΙ, 27. – Ἐπελύθη ἡ ἀρμοδίως ὁ κανονισμὸς καὶ ἡ νέα πολιτικὴ διὰ τὴν βιοτεχνίαν, ἡ ὁποία ἀποσκοπεῖ εἰς τὴν ἀνάπτυξιν τοῦ κλάδου. Ὁ ὑπουργὸς Βιομηχανίας ἐδήλωσεν ὅτι προβλέπονται πιστωτικαὶ διευκολύνσεις, ἐκσυγχρονισμὸς τοῦ ἐξοπλισμοῦ καὶ ἐπαγγελματικὴ κατάρτισις τῶν ἐργαζομένων. Ἐπίσης θὰ ἱδρυθοῦν βιοτεχνικαὶ περιοχαὶ εἰς τὰ μεγάλα ἀστικὰ κέντρα.

ΝΕΑ ΠΟΛΙΤΙΚΗ

Ὁ ὑπουργὸς ἀνεκοίνωσε τὰ μέτρα διὰ τὴν ἐφαρμογὴν τῆς νέας πολιτικῆς τιμῶν, τὰ ὁποῖα θὰ ἰσχύσουν ἀπὸ τοῦ προσεχοῦς μηνός.

Ὁ ὑπουργὸς ἀνεκοίνωσε τὰ μέτρα διὰ τὴν ἐφαρμογὴν τῆς νέας πολιτικῆς τιμῶν, τὰ ὁποῖα θὰ ἰσχύσουν ἀπὸ τοῦ προσεχοῦς μηνός.

Ο Κ. ΚΑΡΑΤΖΑΣ
Ο ΝΑΥΤΙΚΟΣ ΚΟΣΜΟΣ ΕΥΧΑΡΙΣΤΕΙ ΤΗΝ ΚΥΒΕΡΝΗΣΙΝ ΔΙΑ ΤΗΝ ΑΠΟΔΟΧΗΝ ΕΚ ΜΕΡΟΥΣ ΤΩΝ ΤΡΑΠΕΖΩΝ ΤΩΝ ΚΑΤΑΘΕΣΕΩΝ ΕΙΣ ΜΕΤΑΤΡΕΨΙΜΟΝ ΣΥΝΑΛΛΑΓΜΑ

ΑΘΗΝΑΙ, 27. – Ἡ Ἕνωσις Ἑλλήνων Ἐφοπλιστῶν ἐξέφρασε τὰς εὐχαριστίας της πρὸς τὴν Κυβέρνησιν διὰ τὴν ἀπόφασιν τῆς ἀποδοχῆς καταθέσεων εἰς μετατρέψιμον συνάλλαγμα ὑπὸ τῶν ἑλληνικῶν τραπεζῶν. Τὸ μέτρον τοῦτο, τονίζεται, θὰ ἐνισχύσῃ σημαντικῶς τὴν ἐθνικὴν οἰκονομίαν καὶ θὰ προσελκύσῃ κεφάλαια ἐκ τοῦ ἐξωτερικοῦ.

ΑΘΗΝΑΙ, 27. – Ἡ Ἕνωσις Ἑλλήνων Ἐφοπλιστῶν ἐξέφρασε τὰς εὐχαριστίας της πρὸς τὴν Κυβέρνησιν διὰ τὴν ἀπόφασιν τῆς ἀποδοχῆς καταθέσεων εἰς μετατρέψιμον συνάλλαγμα ὑπὸ τῶν ἑλληνικῶν τραπεζῶν. Τὸ μέτρον τοῦτο, τονίζεται, θὰ ἐνισχύσῃ σημαντικῶς τὴν ἐθνικὴν οἰκονομίαν καὶ θὰ προσελκύσῃ κεφάλαια ἐκ τοῦ ἐξωτερικοῦ.

ΥΠΕΡ ΤΗΣ ΣΥΜΠΑΡΑΣΤΑΣΕΩΣ ΠΡΟΣ ΤΗΝ ΚΥΒΕΡΝΗΣΙΝ Ο ΑΦΙΧΘΕΙΣ ΕΙΣ ΤΑΣ ΑΘΗΝΑΣ ΑΜΕΡΙΚΑΝΟΣ ΒΟΥΛΕΥΤΗΣ
ΣΥΝΕΧΕΙΑ ἐκ τῆς 1ης σελίδος

Ὁ Ἀμερικανὸς βουλευτὴς ἐδήλωσεν ὅτι ὑποστηρίζει τὴν συνεργασίαν μετὰ τῆς Ἑλλάδος καὶ ὅτι ἡ χώρα του ἐκτιμᾷ τὴν συμβολὴν τῆς Ἑλλάδος εἰς τὸ ΝΑΤΟ. Προσέθεσε δὲ ὅτι θὰ ἐνημερώσῃ τὸ Κογκρέσσον διὰ τὰς ἐντυπώσεις του.

ΕΠΙΔΕΡΜΙΣ ΦΙΛΕΛΛΗΝ

Ὁ κ. Νηρβίσμου εἶναι ἐξαιρετικὰ φιλέλλην καὶ ἔχει ἐπανειλημμένως ὑποστηρίξει εἰς τὸ Κογκρέσσον τὰ ἑλληνικὰ θέματα. Ἐπισκεφθεὶς τὴν Ἑλλάδα ἀνεγνώρισε τὴν πρόοδον τῆς χώρας εἰς ὅλους τοὺς τομεῖς.

Ὁ κ. Νηρβίσμου εἶναι ἐξαιρετικὰ φιλέλλην καὶ ἔχει ἐπανειλημμένως ὑποστηρίξει εἰς τὸ Κογκρέσσον τὰ ἑλληνικὰ θέματα. Ἐπισκεφθεὶς τὴν Ἑλλάδα ἀνεγνώρισε τὴν πρόοδον τῆς χώρας εἰς ὅλους τοὺς τομεῖς.

Ὁ Ἀμερικανὸς βουλευτὴς ἐδήλωσεν ὅτι ὑποστηρίζει τὴν συνεργασίαν μετὰ τῆς Ἑλλάδος καὶ ὅτι ἡ χώρα του ἐκτιμᾷ τὴν συμβολὴν τῆς Ἑλλάδος εἰς τὸ ΝΑΤΟ. Προσέθεσε δὲ ὅτι θὰ ἐνημερώσῃ τὸ Κογκρέσσον διὰ τὰς ἐντυπώσεις του.

Ὁ Ἀμερικανὸς βουλευτὴς ἐδήλωσεν ὅτι ὑποστηρίζει τὴν συνεργασίαν μετὰ τῆς Ἑλλάδος καὶ ὅτι ἡ χώρα του ἐκτιμᾷ τὴν συμβολὴν τῆς Ἑλλάδος εἰς τὸ ΝΑΤΟ. Προσέθεσε δὲ ὅτι θὰ ἐνημερώσῃ τὸ Κογκρέσσον διὰ τὰς ἐντυπώσεις του.

ΑΝΑΛΥΣΙΣ ΤΟΥ ΕΙΣ ΑΜΕΡΙΚΗΝ

Ὁ κ. Νηρβίσμου εἶναι ἐξαιρετικὰ φιλέλλην καὶ ἔχει ἐπανειλημμένως ὑποστηρίξει εἰς τὸ Κογκρέσσον τὰ ἑλληνικὰ θέματα. Ἐπισκεφθεὶς τὴν Ἑλλάδα ἀνεγνώρισε τὴν πρόοδον τῆς χώρας εἰς ὅλους τοὺς τομεῖς.

Ὁ Ἀμερικανὸς βουλευτὴς ἐδήλωσεν ὅτι ὑποστηρίζει τὴν συνεργασίαν μετὰ τῆς Ἑλλάδος καὶ ὅτι ἡ χώρα του ἐκτιμᾷ τὴν συμβολὴν τῆς Ἑλλάδος εἰς τὸ ΝΑΤΟ. Προσέθεσε δὲ ὅτι θὰ ἐνημερώσῃ τὸ Κογκρέσσον διὰ τὰς ἐντυπώσεις του.

Ὁ κ. Νηρβίσμου εἶναι ἐξαιρετικὰ φιλέλλην καὶ ἔχει ἐπανειλημμένως ὑποστηρίξει εἰς τὸ Κογκρέσσον τὰ ἑλληνικὰ θέματα. Ἐπισκεφθεὶς τὴν Ἑλλάδα ἀνεγνώρισε τὴν πρόοδον τῆς χώρας εἰς ὅλους τοὺς τομεῖς.

ΜΙΚΡΑΙ ΕΙΔΗΣΕΙΣ ΕΞ ΑΘΗΝΩΝ

ΑΘΗΝΑΙ, 27. – Μετὰ συμμετοχῆς τῶν ἁρμοδίων παραγόντων ἐγένετο χθὲς ἡ ἔναρξις τῶν ἐργασιῶν τοῦ συνεδρίου. Ἐπίσης ὁ ὑπουργὸς Παιδείας ἐπεσκέφθη τὰ σχολεῖα τῆς πρωτευούσης καὶ ἐξέφρασε τὴν ἱκανοποίησίν του. Ἡ Ἐθνικὴ Πινακοθήκη ἀνακοινώνει τὴν ἔναρξιν νέας ἐκθέσεως.

ΑΘΗΝΑΙ, 27. – Μετὰ συμμετοχῆς τῶν ἁρμοδίων παραγόντων ἐγένετο χθὲς ἡ ἔναρξις τῶν ἐργασιῶν τοῦ συνεδρίου. Ἐπίσης ὁ ὑπουργὸς Παιδείας ἐπεσκέφθη τὰ σχολεῖα τῆς πρωτευούσης καὶ ἐξέφρασε τὴν ἱκανοποίησίν του. Ἡ Ἐθνικὴ Πινακοθήκη ἀνακοινώνει τὴν ἔναρξιν νέας ἐκθέσεως.
